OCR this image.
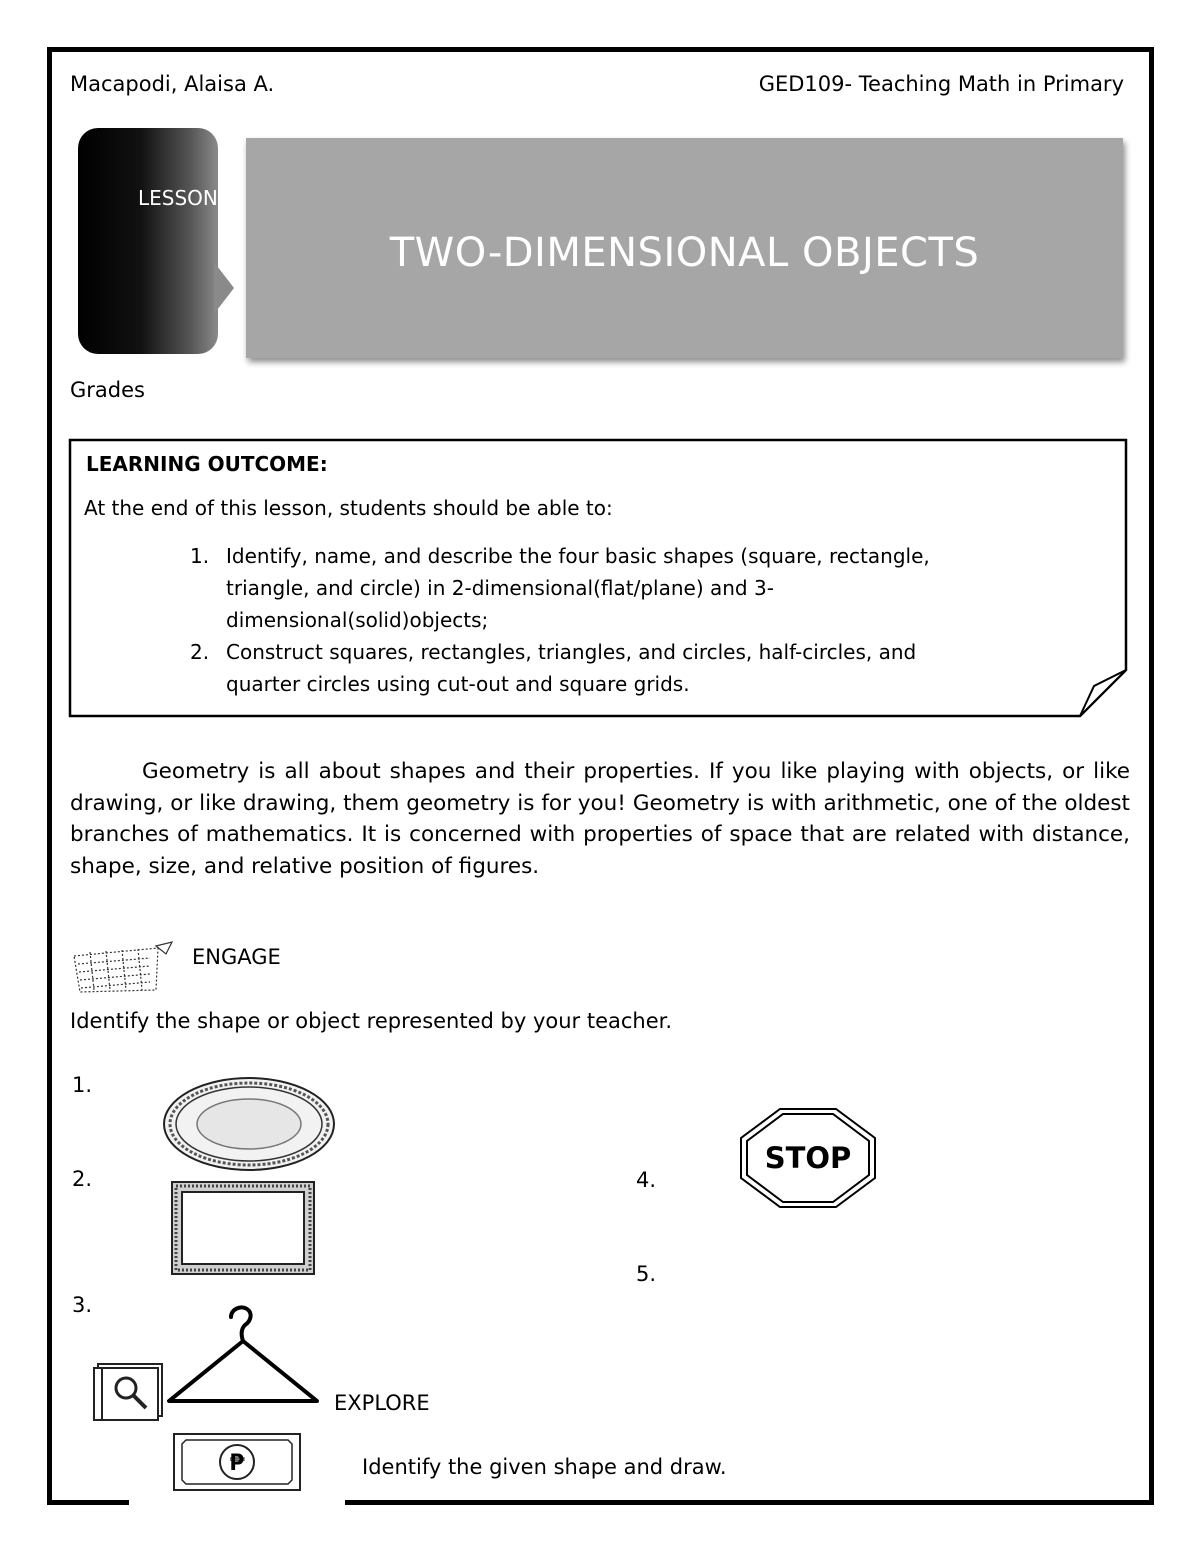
Macapodi, Alaisa A.	GED109- Teaching Math in Primary
LESSON
TWO-DIMENSIONAL OBJECTS
Grades
LEARNING OUTCOME:
At the end of this lesson, students should be able to:
1. Identify, name, and describe the four basic shapes (square, rectangle,
triangle, and circle) in 2-dimensional(flat/plane) and 3-
dimensional(solid)objects;
2. Construct squares, rectangles, triangles, and circles, half-circles, and
quarter circles using cut-out and square grids.
Geometry is all about shapes and their properties. If you like playing with objects, or like drawing, or like drawing, them geometry is for you! Geometry is with arithmetic, one of the oldest branches of mathematics. It is concerned with properties of space that are related with distance, shape, size, and relative position of figures.
ENGAGE
Identify the shape or object represented by your teacher.
1.
2.
3.
4.
5.
STOP
EXPLORE
₱	Identify the given shape and draw.
